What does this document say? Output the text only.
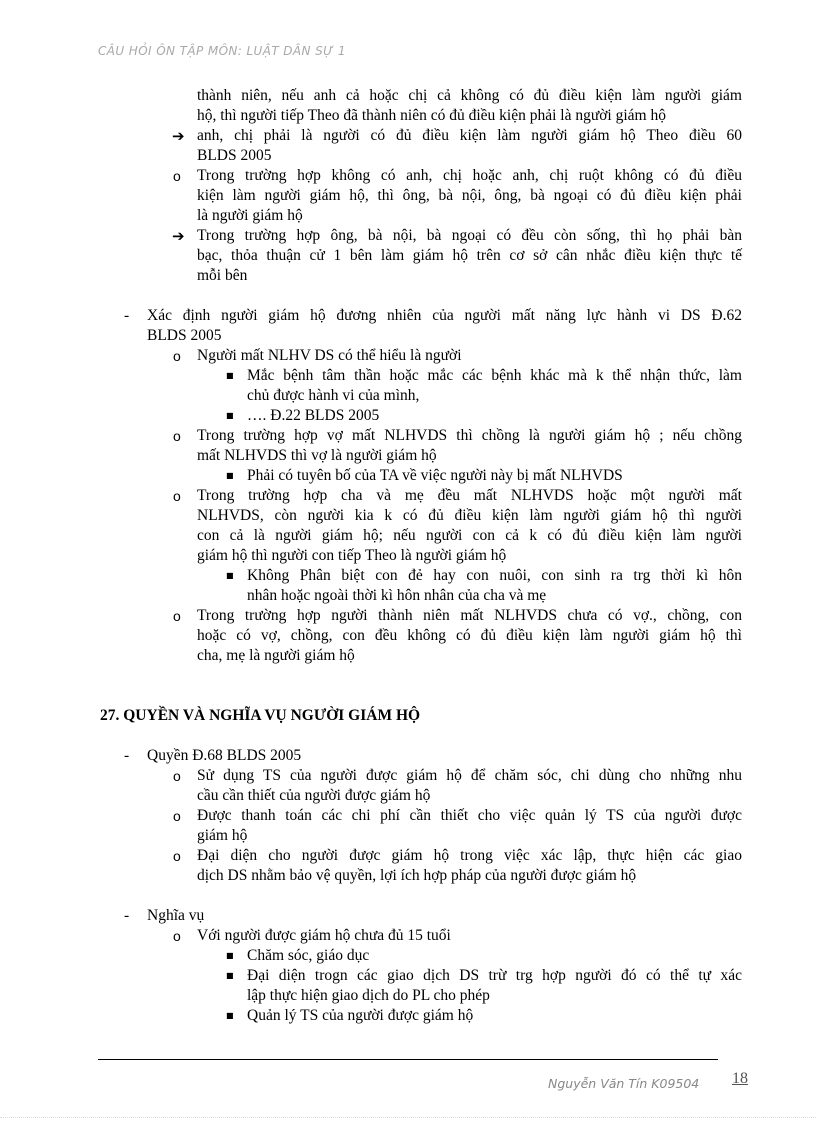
CÂU HỎI ÔN TẬP MÔN: LUẬT DÂN SỰ 1
thành niên, nếu anh cả hoặc chị cả không có đủ điều kiện làm người giám
hộ, thì người tiếp Theo đã thành niên có đủ điều kiện phải là người giám hộ
➔ anh, chị phải là người có đủ điều kiện làm người giám hộ Theo điều 60
BLDS 2005
o Trong trường hợp không có anh, chị hoặc anh, chị ruột không có đủ điều
kiện làm người giám hộ, thì ông, bà nội, ông, bà ngoại có đủ điều kiện phải
là người giám hộ
➔ Trong trường hợp ông, bà nội, bà ngoại có đều còn sống, thì họ phải bàn
bạc, thỏa thuận cử 1 bên làm giám hộ trên cơ sở cân nhắc điều kiện thực tế
mỗi bên
- Xác định người giám hộ đương nhiên của người mất năng lực hành vi DS Đ.62
BLDS 2005
o Người mất NLHV DS có thể hiểu là người
■ Mắc bệnh tâm thần hoặc mắc các bệnh khác mà k thể nhận thức, làm
chủ được hành vi của mình,
■ …. Đ.22 BLDS 2005
o Trong trường hợp vợ mất NLHVDS thì chồng là người giám hộ ; nếu chồng
mất NLHVDS thì vợ là người giám hộ
■ Phải có tuyên bố của TA về việc người này bị mất NLHVDS
o Trong trường hợp cha và mẹ đều mất NLHVDS hoặc một người mất
NLHVDS, còn người kia k có đủ điều kiện làm người giám hộ thì người
con cả là người giám hộ; nếu người con cả k có đủ điều kiện làm người
giám hộ thì người con tiếp Theo là người giám hộ
■ Không Phân biệt con đẻ hay con nuôi, con sinh ra trg thời kì hôn
nhân hoặc ngoài thời kì hôn nhân của cha và mẹ
o Trong trường hợp người thành niên mất NLHVDS chưa có vợ., chồng, con
hoặc có vợ, chồng, con đều không có đủ điều kiện làm người giám hộ thì
cha, mẹ là người giám hộ
27. QUYỀN VÀ NGHĨA VỤ NGƯỜI GIÁM HỘ
- Quyền Đ.68 BLDS 2005
o Sử dụng TS của người được giám hộ để chăm sóc, chi dùng cho những nhu
cầu cần thiết của người được giám hộ
o Được thanh toán các chi phí cần thiết cho việc quản lý TS của người được
giám hộ
o Đại diện cho người được giám hộ trong việc xác lập, thực hiện các giao
dịch DS nhằm bảo vệ quyền, lợi ích hợp pháp của người được giám hộ
- Nghĩa vụ
o Với người được giám hộ chưa đủ 15 tuổi
■ Chăm sóc, giáo dục
■ Đại diện trogn các giao dịch DS trừ trg hợp người đó có thể tự xác
lập thực hiện giao dịch do PL cho phép
■ Quản lý TS của người được giám hộ
Nguyễn Văn Tín K09504 18
